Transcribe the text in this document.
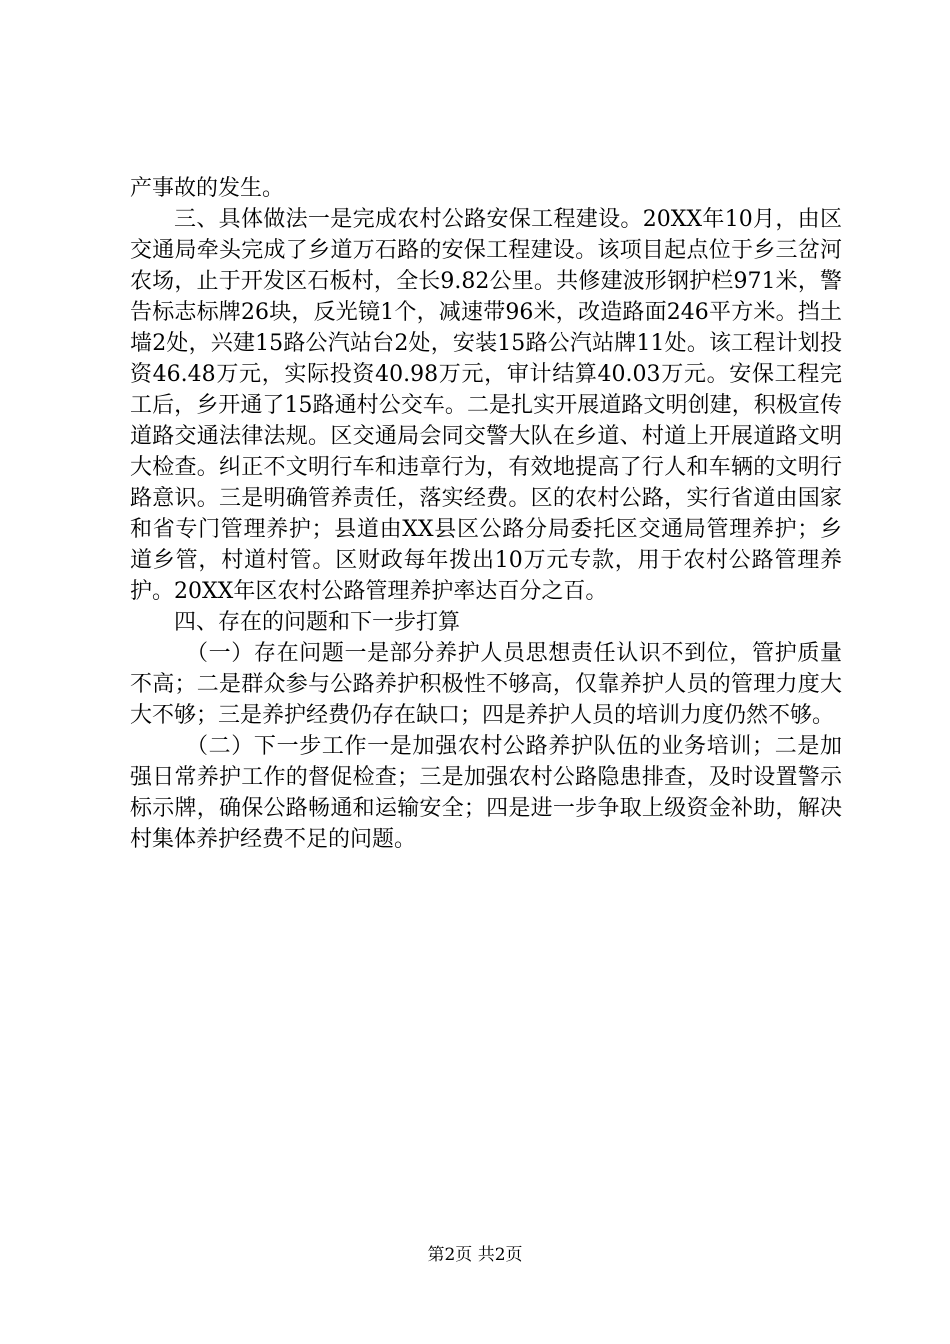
产事故的发生。

三、具体做法一是完成农村公路安保工程建设。20XX年10月，由区交通局牵头完成了乡道万石路的安保工程建设。该项目起点位于乡三岔河农场，止于开发区石板村，全长9.82公里。共修建波形钢护栏971米，警告标志标牌26块，反光镜1个，减速带96米，改造路面246平方米。挡土墙2处，兴建15路公汽站台2处，安装15路公汽站牌11处。该工程计划投资46.48万元，实际投资40.98万元，审计结算40.03万元。安保工程完工后，乡开通了15路通村公交车。二是扎实开展道路文明创建，积极宣传道路交通法律法规。区交通局会同交警大队在乡道、村道上开展道路文明大检查。纠正不文明行车和违章行为，有效地提高了行人和车辆的文明行路意识。三是明确管养责任，落实经费。区的农村公路，实行省道由国家和省专门管理养护；县道由XX县区公路分局委托区交通局管理养护；乡道乡管，村道村管。区财政每年拨出10万元专款，用于农村公路管理养护。20XX年区农村公路管理养护率达百分之百。

四、存在的问题和下一步打算

（一）存在问题一是部分养护人员思想责任认识不到位，管护质量不高；二是群众参与公路养护积极性不够高，仅靠养护人员的管理力度大大不够；三是养护经费仍存在缺口；四是养护人员的培训力度仍然不够。

（二）下一步工作一是加强农村公路养护队伍的业务培训；二是加强日常养护工作的督促检查；三是加强农村公路隐患排查，及时设置警示标示牌，确保公路畅通和运输安全；四是进一步争取上级资金补助，解决村集体养护经费不足的问题。

第2页 共2页
